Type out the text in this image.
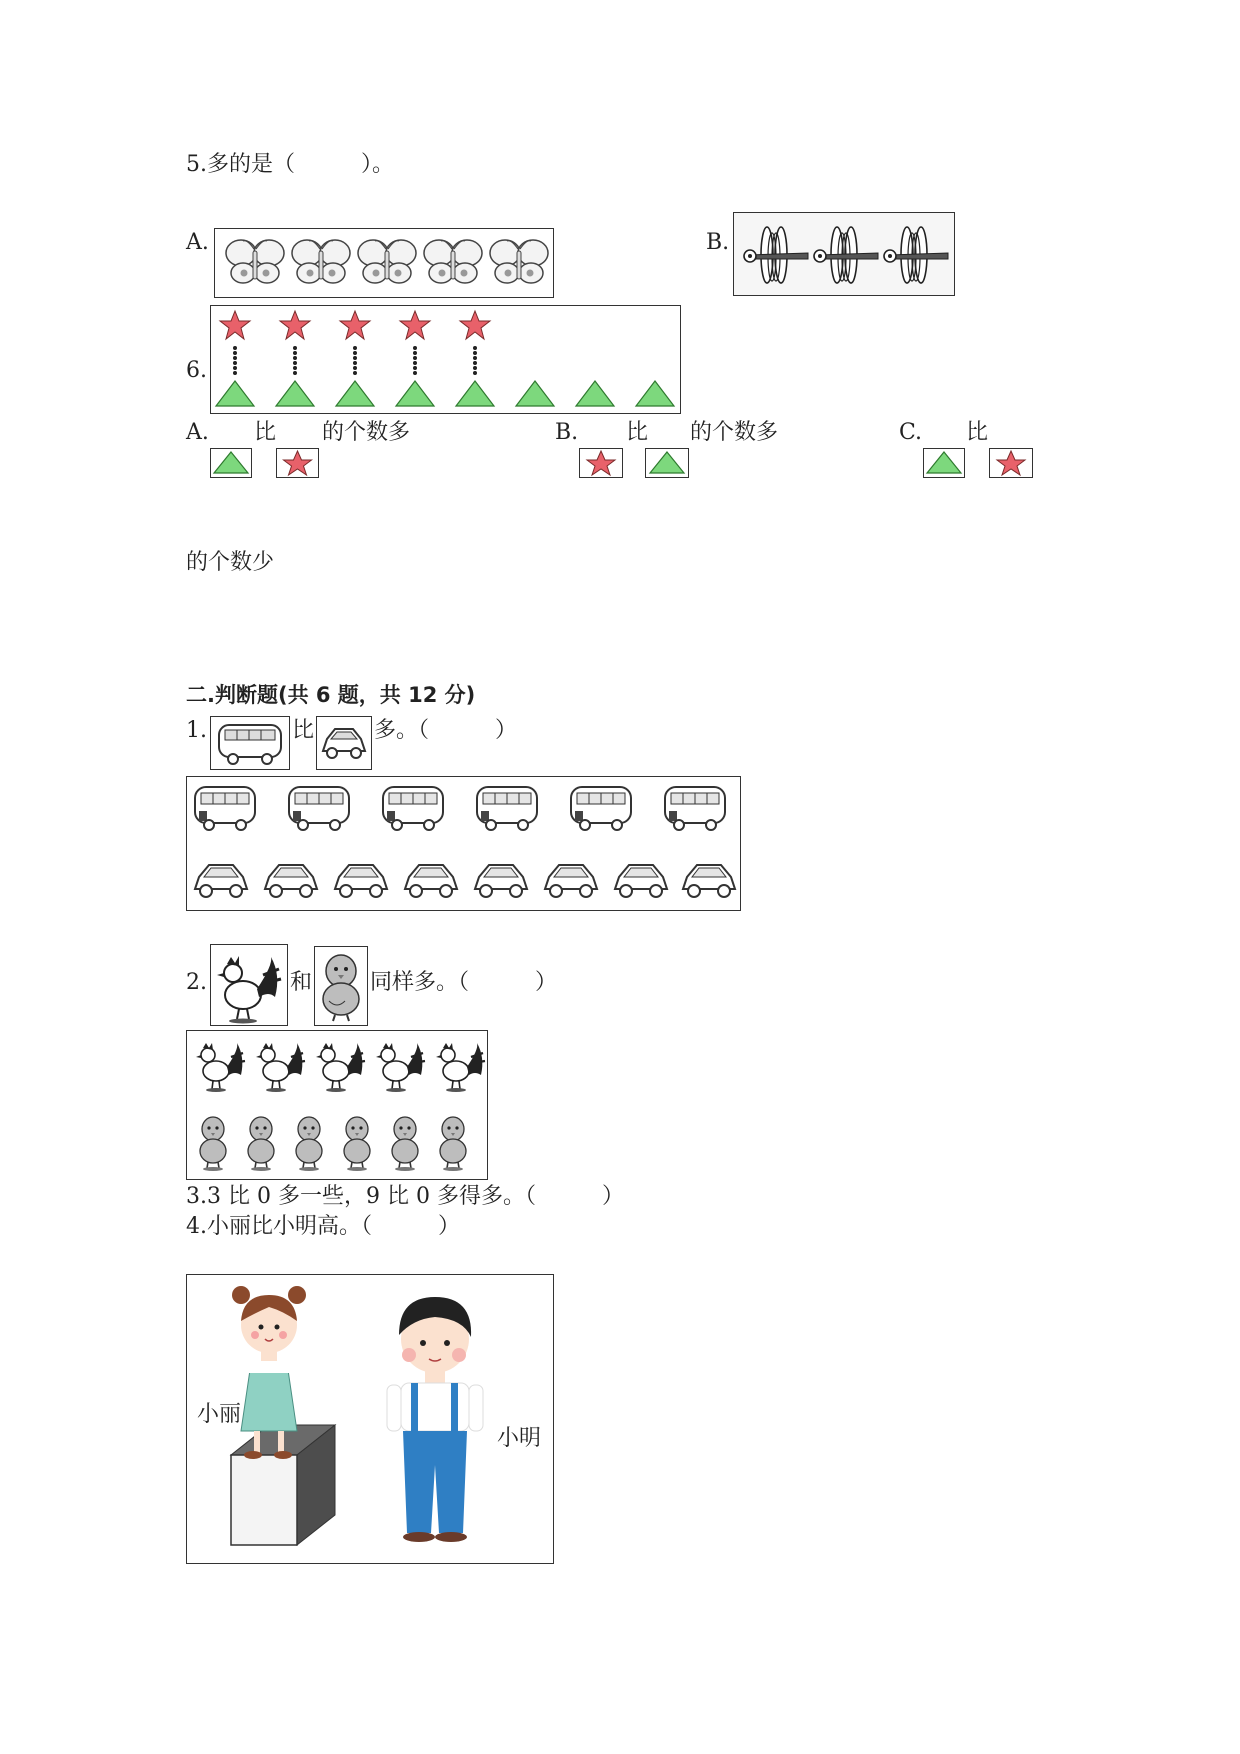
5.多的是（　　　）。
A.	B.
6.
A. 比 的个数多	B. 比 的个数多	C. 比
的个数少
二.判断题(共 6 题，共 12 分)
1.	比	多。（　　　）
2.	和	同样多。（　　　）
3.3 比 0 多一些，9 比 0 多得多。（　　　）
4.小丽比小明高。（　　　）
小丽
小明
